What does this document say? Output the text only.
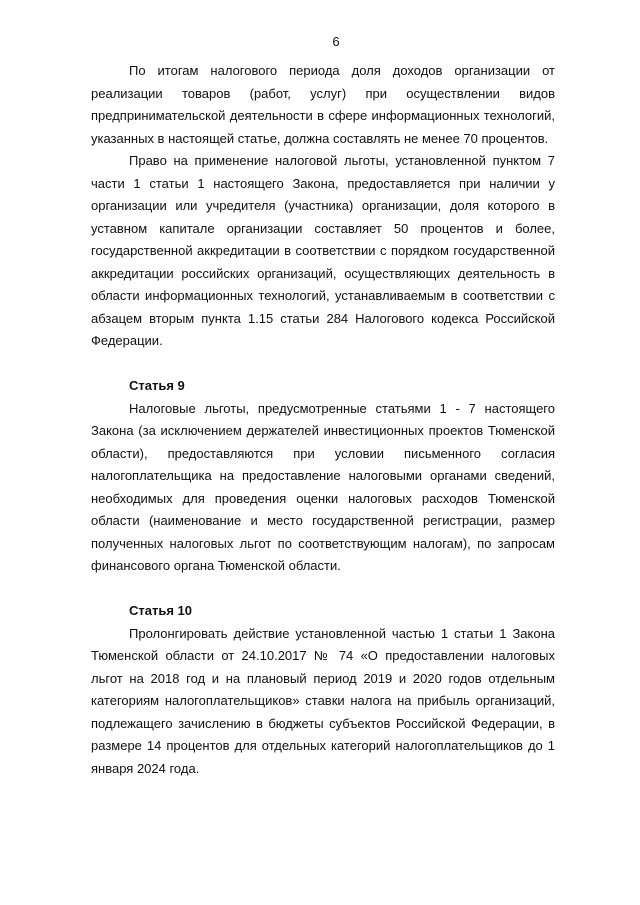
6

По итогам налогового периода доля доходов организации от реализации товаров (работ, услуг) при осуществлении видов предпринимательской деятельности в сфере информационных технологий, указанных в настоящей статье, должна составлять не менее 70 процентов.

Право на применение налоговой льготы, установленной пунктом 7 части 1 статьи 1 настоящего Закона, предоставляется при наличии у организации или учредителя (участника) организации, доля которого в уставном капитале организации составляет 50 процентов и более, государственной аккредитации в соответствии с порядком государственной аккредитации российских организаций, осуществляющих деятельность в области информационных технологий, устанавливаемым в соответствии с абзацем вторым пункта 1.15 статьи 284 Налогового кодекса Российской Федерации.

Статья 9

Налоговые льготы, предусмотренные статьями 1 - 7 настоящего Закона (за исключением держателей инвестиционных проектов Тюменской области), предоставляются при условии письменного согласия налогоплательщика на предоставление налоговыми органами сведений, необходимых для проведения оценки налоговых расходов Тюменской области (наименование и место государственной регистрации, размер полученных налоговых льгот по соответствующим налогам), по запросам финансового органа Тюменской области.

Статья 10

Пролонгировать действие установленной частью 1 статьи 1 Закона Тюменской области от 24.10.2017 № 74 «О предоставлении налоговых льгот на 2018 год и на плановый период 2019 и 2020 годов отдельным категориям налогоплательщиков» ставки налога на прибыль организаций, подлежащего зачислению в бюджеты субъектов Российской Федерации, в размере 14 процентов для отдельных категорий налогоплательщиков до 1 января 2024 года.
